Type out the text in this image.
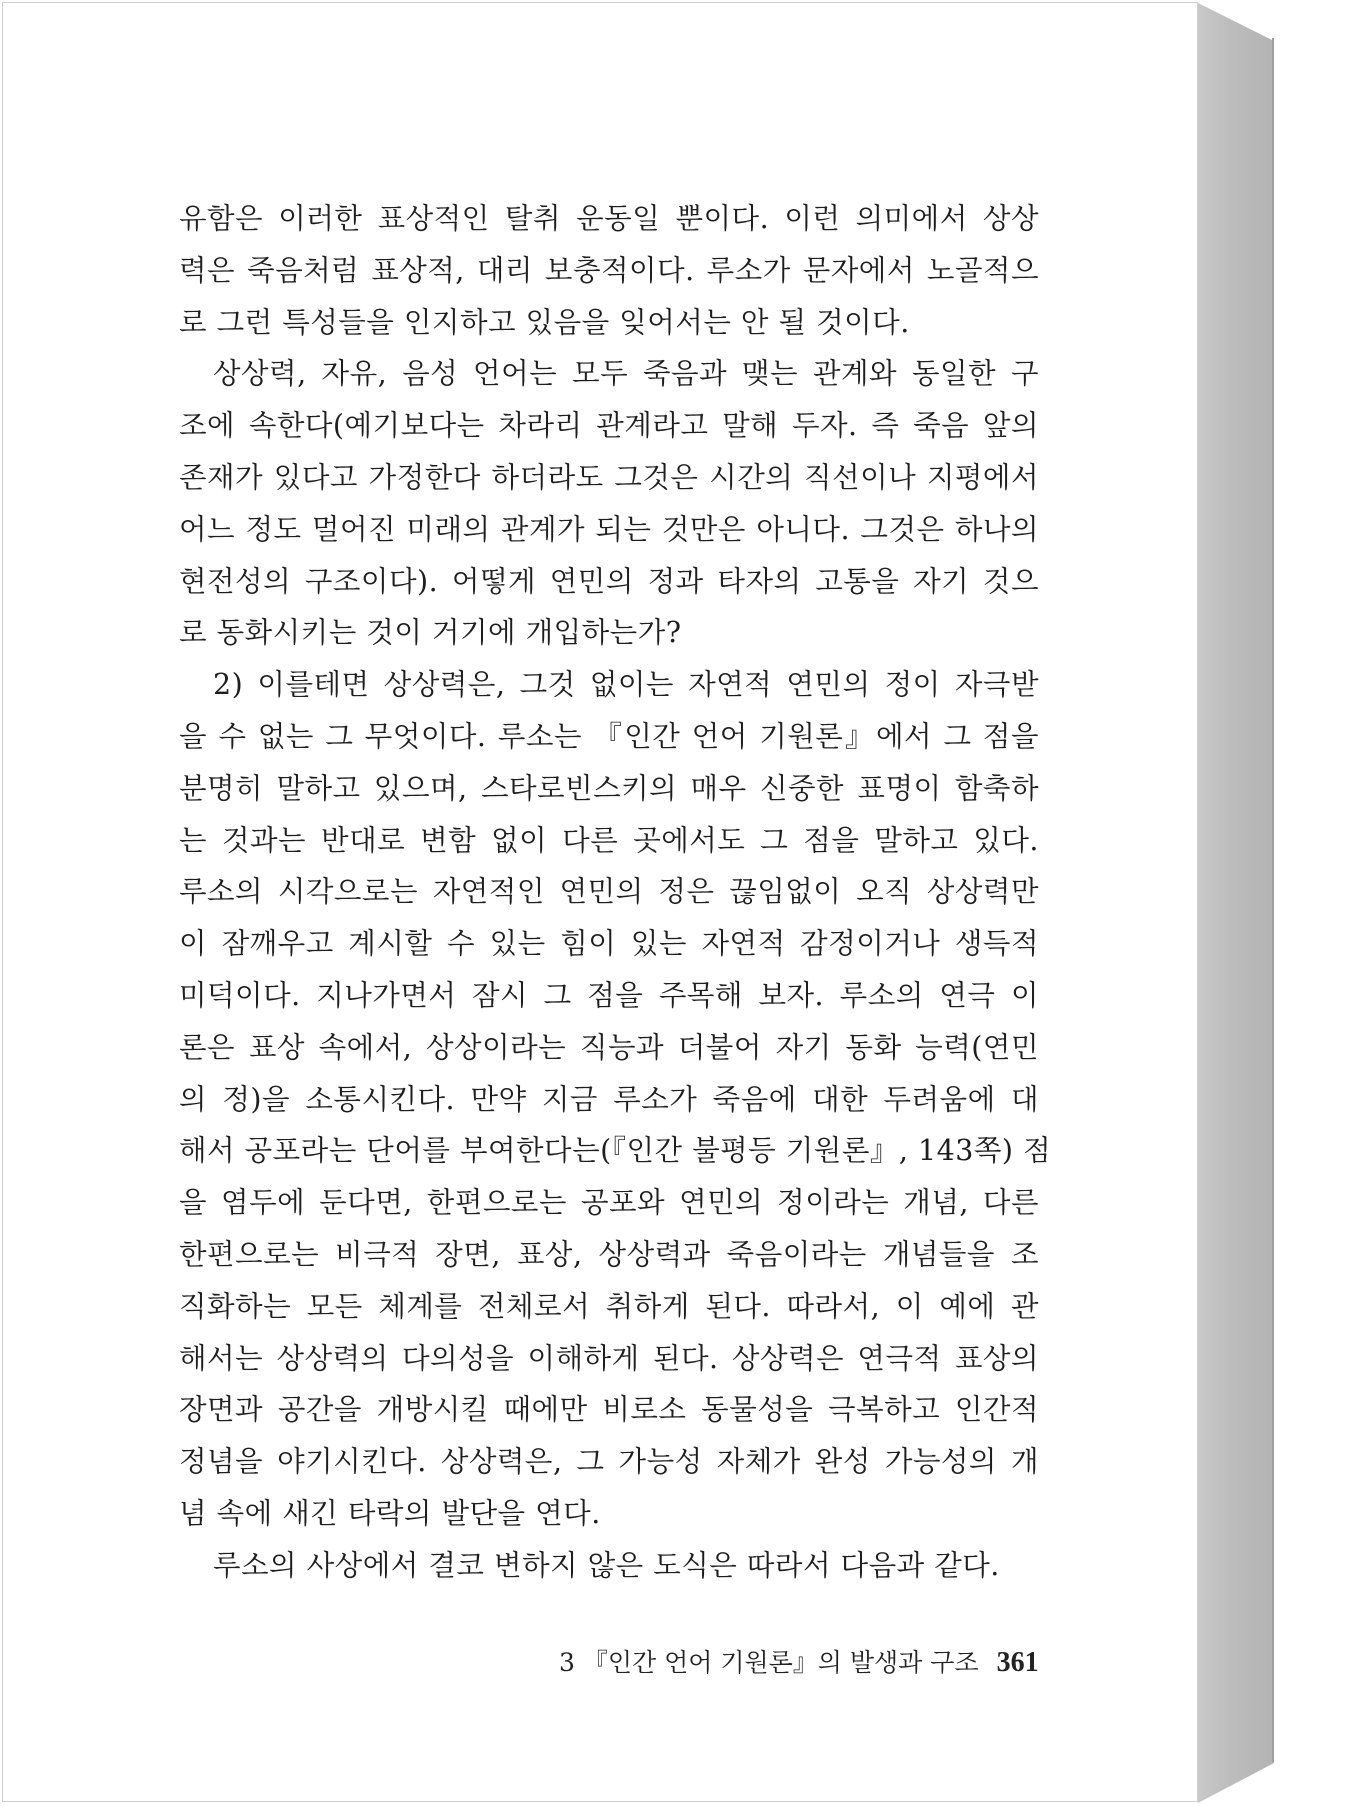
유함은 이러한 표상적인 탈취 운동일 뿐이다. 이런 의미에서 상상
력은 죽음처럼 표상적, 대리 보충적이다. 루소가 문자에서 노골적으
로 그런 특성들을 인지하고 있음을 잊어서는 안 될 것이다.
상상력, 자유, 음성 언어는 모두 죽음과 맺는 관계와 동일한 구
조에 속한다(예기보다는 차라리 관계라고 말해 두자. 즉 죽음 앞의
존재가 있다고 가정한다 하더라도 그것은 시간의 직선이나 지평에서
어느 정도 멀어진 미래의 관계가 되는 것만은 아니다. 그것은 하나의
현전성의 구조이다). 어떻게 연민의 정과 타자의 고통을 자기 것으
로 동화시키는 것이 거기에 개입하는가?
2) 이를테면 상상력은, 그것 없이는 자연적 연민의 정이 자극받
을 수 없는 그 무엇이다. 루소는 『인간 언어 기원론』에서 그 점을
분명히 말하고 있으며, 스타로빈스키의 매우 신중한 표명이 함축하
는 것과는 반대로 변함 없이 다른 곳에서도 그 점을 말하고 있다.
루소의 시각으로는 자연적인 연민의 정은 끊임없이 오직 상상력만
이 잠깨우고 계시할 수 있는 힘이 있는 자연적 감정이거나 생득적
미덕이다. 지나가면서 잠시 그 점을 주목해 보자. 루소의 연극 이
론은 표상 속에서, 상상이라는 직능과 더불어 자기 동화 능력(연민
의 정)을 소통시킨다. 만약 지금 루소가 죽음에 대한 두려움에 대
해서 공포라는 단어를 부여한다는(『인간 불평등 기원론』, 143쪽) 점
을 염두에 둔다면, 한편으로는 공포와 연민의 정이라는 개념, 다른
한편으로는 비극적 장면, 표상, 상상력과 죽음이라는 개념들을 조
직화하는 모든 체계를 전체로서 취하게 된다. 따라서, 이 예에 관
해서는 상상력의 다의성을 이해하게 된다. 상상력은 연극적 표상의
장면과 공간을 개방시킬 때에만 비로소 동물성을 극복하고 인간적
정념을 야기시킨다. 상상력은, 그 가능성 자체가 완성 가능성의 개
념 속에 새긴 타락의 발단을 연다.
루소의 사상에서 결코 변하지 않은 도식은 따라서 다음과 같다.
3 『인간 언어 기원론』의 발생과 구조 361
